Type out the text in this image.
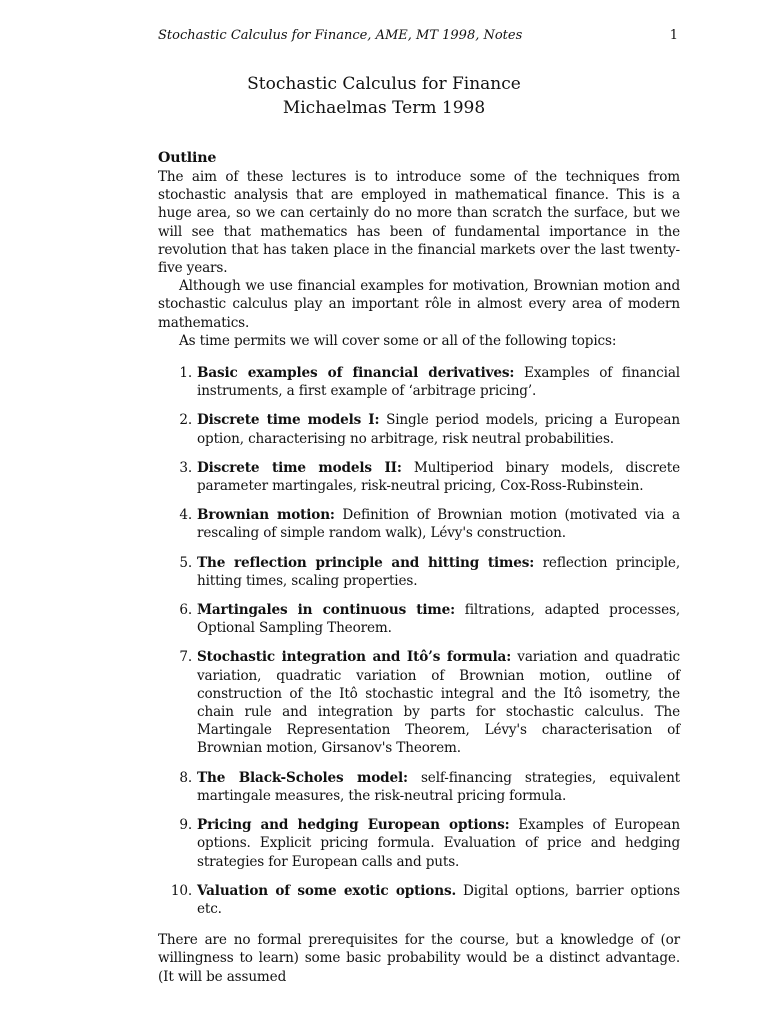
Stochastic Calculus for Finance, AME, MT 1998, Notes	1
Stochastic Calculus for Finance
Michaelmas Term 1998
Outline

The aim of these lectures is to introduce some of the techniques from stochastic analysis that are employed in mathematical finance. This is a huge area, so we can certainly do no more than scratch the surface, but we will see that mathematics has been of fundamental importance in the revolution that has taken place in the financial markets over the last twenty-five years.

Although we use financial examples for motivation, Brownian motion and stochastic calculus play an important rôle in almost every area of modern mathematics.

As time permits we will cover some or all of the following topics:

1. Basic examples of financial derivatives: Examples of financial instruments, a first example of ‘arbitrage pricing’.
2. Discrete time models I: Single period models, pricing a European option, characterising no arbitrage, risk neutral probabilities.
3. Discrete time models II: Multiperiod binary models, discrete parameter martingales, risk-neutral pricing, Cox-Ross-Rubinstein.
4. Brownian motion: Definition of Brownian motion (motivated via a rescaling of simple random walk), Lévy's construction.
5. The reflection principle and hitting times: reflection principle, hitting times, scaling properties.
6. Martingales in continuous time: filtrations, adapted processes, Optional Sampling Theorem.
7. Stochastic integration and Itô’s formula: variation and quadratic variation, quadratic variation of Brownian motion, outline of construction of the Itô stochastic integral and the Itô isometry, the chain rule and integration by parts for stochastic calculus. The Martingale Representation Theorem, Lévy's characterisation of Brownian motion, Girsanov's Theorem.
8. The Black-Scholes model: self-financing strategies, equivalent martingale measures, the risk-neutral pricing formula.
9. Pricing and hedging European options: Examples of European options. Explicit pricing formula. Evaluation of price and hedging strategies for European calls and puts.
10. Valuation of some exotic options. Digital options, barrier options etc.

There are no formal prerequisites for the course, but a knowledge of (or willingness to learn) some basic probability would be a distinct advantage. (It will be assumed
